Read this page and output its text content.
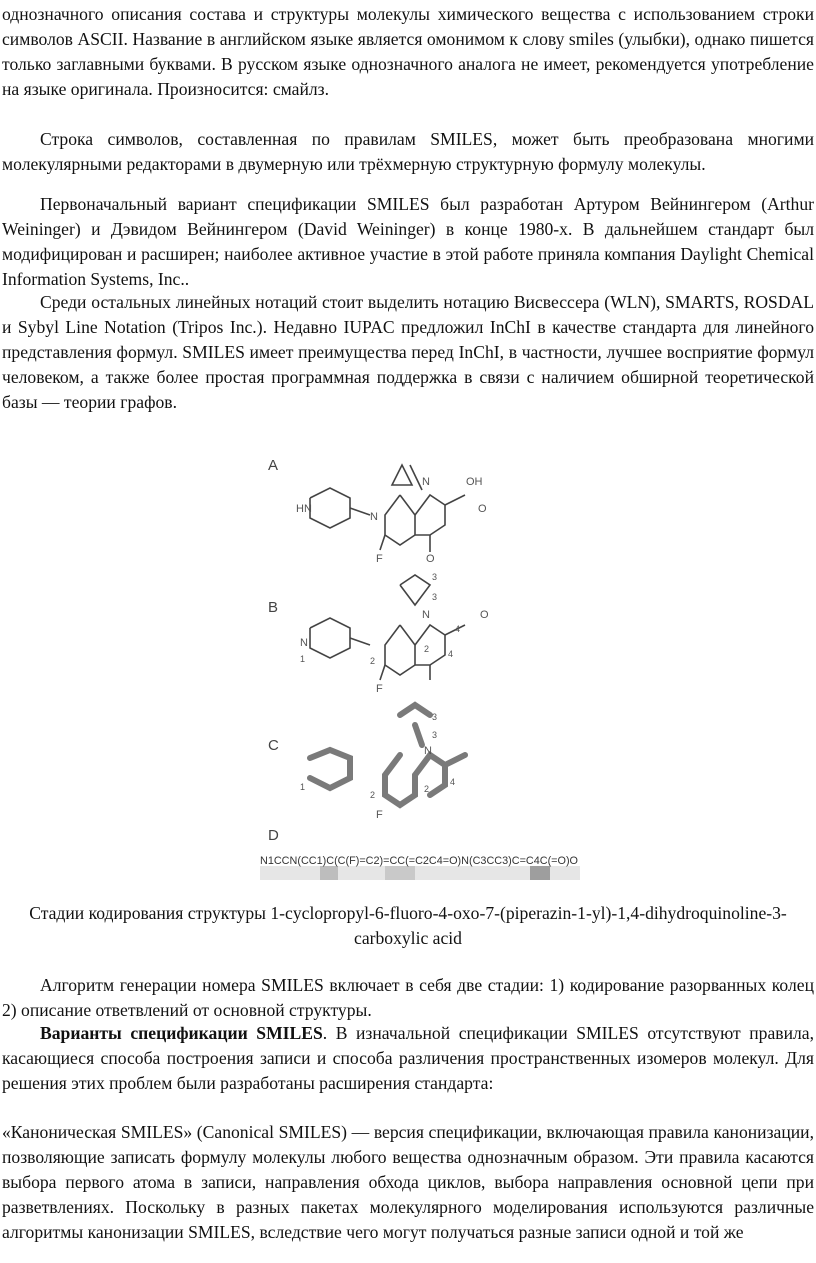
однозначного описания состава и структуры молекулы химического вещества с использованием строки символов ASCII. Название в английском языке является омонимом к слову smiles (улыбки), однако пишется только заглавными буквами. В русском языке однозначного аналога не имеет, рекомендуется употребление на языке оригинала. Произносится: смайлз.

Строка символов, составленная по правилам SMILES, может быть преобразована многими молекулярными редакторами в двумерную или трёхмерную структурную формулу молекулы.

Первоначальный вариант спецификации SMILES был разработан Артуром Вейнингером (Arthur Weininger) и Дэвидом Вейнингером (David Weininger) в конце 1980-х. В дальнейшем стандарт был модифицирован и расширен; наиболее активное участие в этой работе приняла компания Daylight Chemical Information Systems, Inc..

Среди остальных линейных нотаций стоит выделить нотацию Висвессера (WLN), SMARTS, ROSDAL и Sybyl Line Notation (Tripos Inc.). Недавно IUPAC предложил InChI в качестве стандарта для линейного представления формул. SMILES имеет преимущества перед InChI, в частности, лучшее восприятие формул человеком, а также более простая программная поддержка в связи с наличием обширной теоретической базы — теории графов.

A
N
HN
N
F	O
OH
O
B
3
3
N
4
O
2 4
N
1	2
F
C
3
3
N
4
2
2
1
F
D
N1CCN(CC1)C(C(F)=C2)=CC(=C2C4=O)N(C3CC3)C=C4C(=O)O

Стадии кодирования структуры 1-cyclopropyl-6-fluoro-4-oxo-7-(piperazin-1-yl)-1,4-dihydroquinoline-3-carboxylic acid

Алгоритм генерации номера SMILES включает в себя две стадии: 1) кодирование разорванных колец 2) описание ответвлений от основной структуры.

Варианты спецификации SMILES. В изначальной спецификации SMILES отсутствуют правила, касающиеся способа построения записи и способа различения пространственных изомеров молекул. Для решения этих проблем были разработаны расширения стандарта:

«Каноническая SMILES» (Canonical SMILES) — версия спецификации, включающая правила канонизации, позволяющие записать формулу молекулы любого вещества однозначным образом. Эти правила касаются выбора первого атома в записи, направления обхода циклов, выбора направления основной цепи при разветвлениях. Поскольку в разных пакетах молекулярного моделирования используются различные алгоритмы канонизации SMILES, вследствие чего могут получаться разные записи одной и той же
